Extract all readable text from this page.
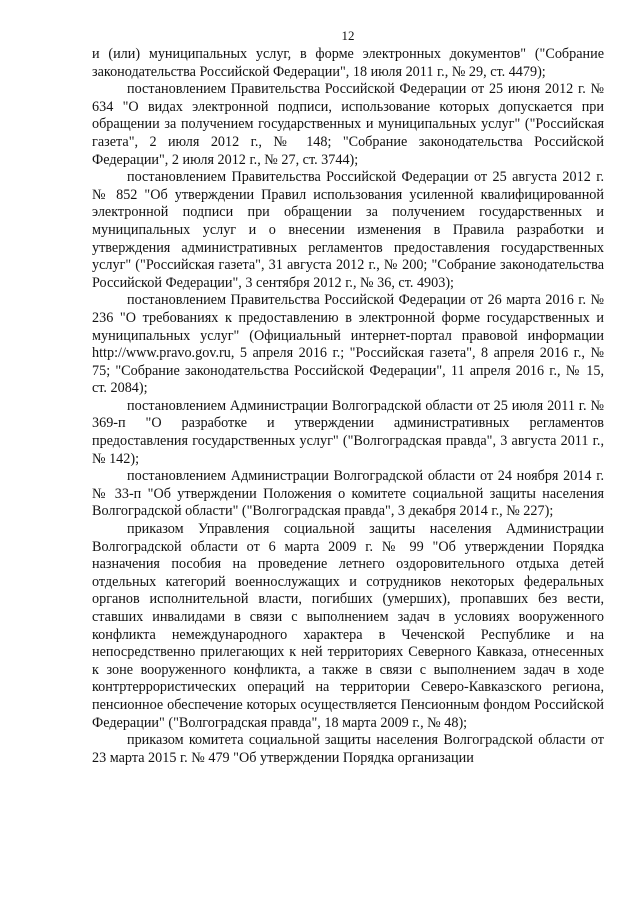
12

и (или) муниципальных услуг, в форме электронных документов" ("Собрание законодательства Российской Федерации", 18 июля 2011 г., № 29, ст. 4479);

постановлением Правительства Российской Федерации от 25 июня 2012 г. № 634 "О видах электронной подписи, использование которых допускается при обращении за получением государственных и муниципальных услуг" ("Российская газета", 2 июля 2012 г., № 148; "Собрание законодательства Российской Федерации", 2 июля 2012 г., № 27, ст. 3744);

постановлением Правительства Российской Федерации от 25 августа 2012 г. № 852 "Об утверждении Правил использования усиленной квалифицированной электронной подписи при обращении за получением государственных и муниципальных услуг и о внесении изменения в Правила разработки и утверждения административных регламентов предоставления государственных услуг" ("Российская газета", 31 августа 2012 г., № 200; "Собрание законодательства Российской Федерации", 3 сентября 2012 г., № 36, ст. 4903);

постановлением Правительства Российской Федерации от 26 марта 2016 г. № 236 "О требованиях к предоставлению в электронной форме государственных и муниципальных услуг" (Официальный интернет-портал правовой информации http://www.pravo.gov.ru, 5 апреля 2016 г.; "Российская газета", 8 апреля 2016 г., № 75; "Собрание законодательства Российской Федерации", 11 апреля 2016 г., № 15, ст. 2084);

постановлением Администрации Волгоградской области от 25 июля 2011 г. № 369-п "О разработке и утверждении административных регламентов предоставления государственных услуг" ("Волгоградская правда", 3 августа 2011 г., № 142);

постановлением Администрации Волгоградской области от 24 ноября 2014 г. № 33-п "Об утверждении Положения о комитете социальной защиты населения Волгоградской области" ("Волгоградская правда", 3 декабря 2014 г., № 227);

приказом Управления социальной защиты населения Администрации Волгоградской области от 6 марта 2009 г. № 99 "Об утверждении Порядка назначения пособия на проведение летнего оздоровительного отдыха детей отдельных категорий военнослужащих и сотрудников некоторых федеральных органов исполнительной власти, погибших (умерших), пропавших без вести, ставших инвалидами в связи с выполнением задач в условиях вооруженного конфликта немеждународного характера в Чеченской Республике и на непосредственно прилегающих к ней территориях Северного Кавказа, отнесенных к зоне вооруженного конфликта, а также в связи с выполнением задач в ходе контртеррористических операций на территории Северо-Кавказского региона, пенсионное обеспечение которых осуществляется Пенсионным фондом Российской Федерации" ("Волгоградская правда", 18 марта 2009 г., № 48);

приказом комитета социальной защиты населения Волгоградской области от 23 марта 2015 г. № 479 "Об утверждении Порядка организации
